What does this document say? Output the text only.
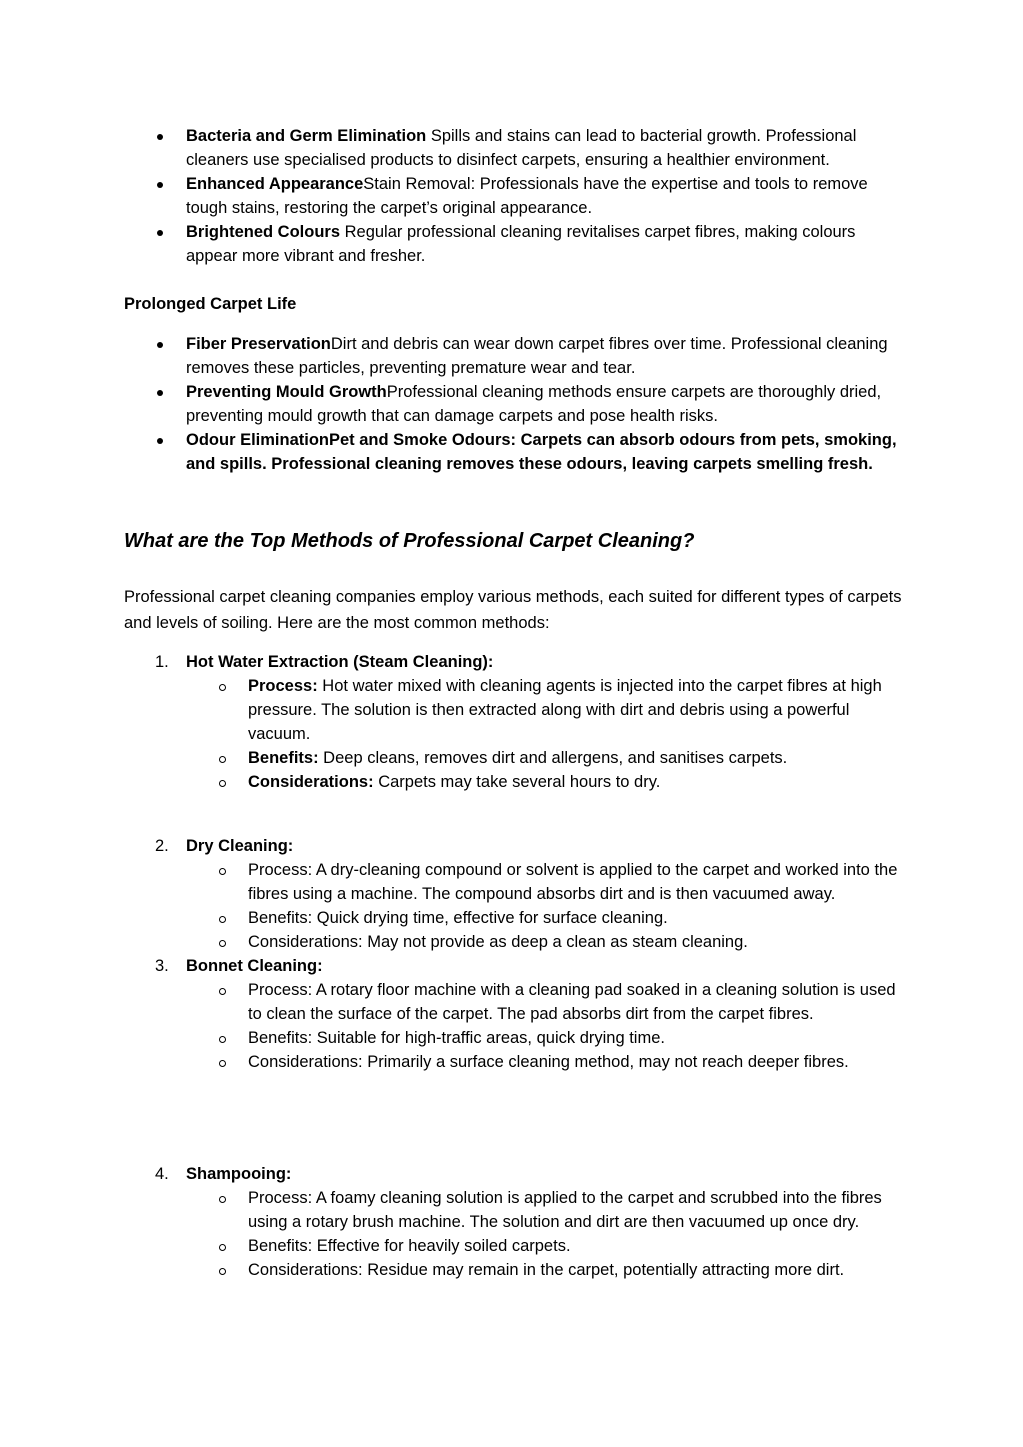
Bacteria and Germ Elimination Spills and stains can lead to bacterial growth. Professional cleaners use specialised products to disinfect carpets, ensuring a healthier environment.
Enhanced AppearanceStain Removal: Professionals have the expertise and tools to remove tough stains, restoring the carpet’s original appearance.
Brightened Colours Regular professional cleaning revitalises carpet fibres, making colours appear more vibrant and fresher.
Prolonged Carpet Life
Fiber PreservationDirt and debris can wear down carpet fibres over time. Professional cleaning removes these particles, preventing premature wear and tear.
Preventing Mould GrowthProfessional cleaning methods ensure carpets are thoroughly dried, preventing mould growth that can damage carpets and pose health risks.
Odour EliminationPet and Smoke Odours: Carpets can absorb odours from pets, smoking, and spills. Professional cleaning removes these odours, leaving carpets smelling fresh.
What are the Top Methods of Professional Carpet Cleaning?

Professional carpet cleaning companies employ various methods, each suited for different types of carpets and levels of soiling. Here are the most common methods:

1. Hot Water Extraction (Steam Cleaning):
Process: Hot water mixed with cleaning agents is injected into the carpet fibres at high pressure. The solution is then extracted along with dirt and debris using a powerful vacuum.
Benefits: Deep cleans, removes dirt and allergens, and sanitises carpets.
Considerations: Carpets may take several hours to dry.
2. Dry Cleaning:
Process: A dry-cleaning compound or solvent is applied to the carpet and worked into the fibres using a machine. The compound absorbs dirt and is then vacuumed away.
Benefits: Quick drying time, effective for surface cleaning.
Considerations: May not provide as deep a clean as steam cleaning.
3. Bonnet Cleaning:
Process: A rotary floor machine with a cleaning pad soaked in a cleaning solution is used to clean the surface of the carpet. The pad absorbs dirt from the carpet fibres.
Benefits: Suitable for high-traffic areas, quick drying time.
Considerations: Primarily a surface cleaning method, may not reach deeper fibres.
4. Shampooing:
Process: A foamy cleaning solution is applied to the carpet and scrubbed into the fibres using a rotary brush machine. The solution and dirt are then vacuumed up once dry.
Benefits: Effective for heavily soiled carpets.
Considerations: Residue may remain in the carpet, potentially attracting more dirt.
